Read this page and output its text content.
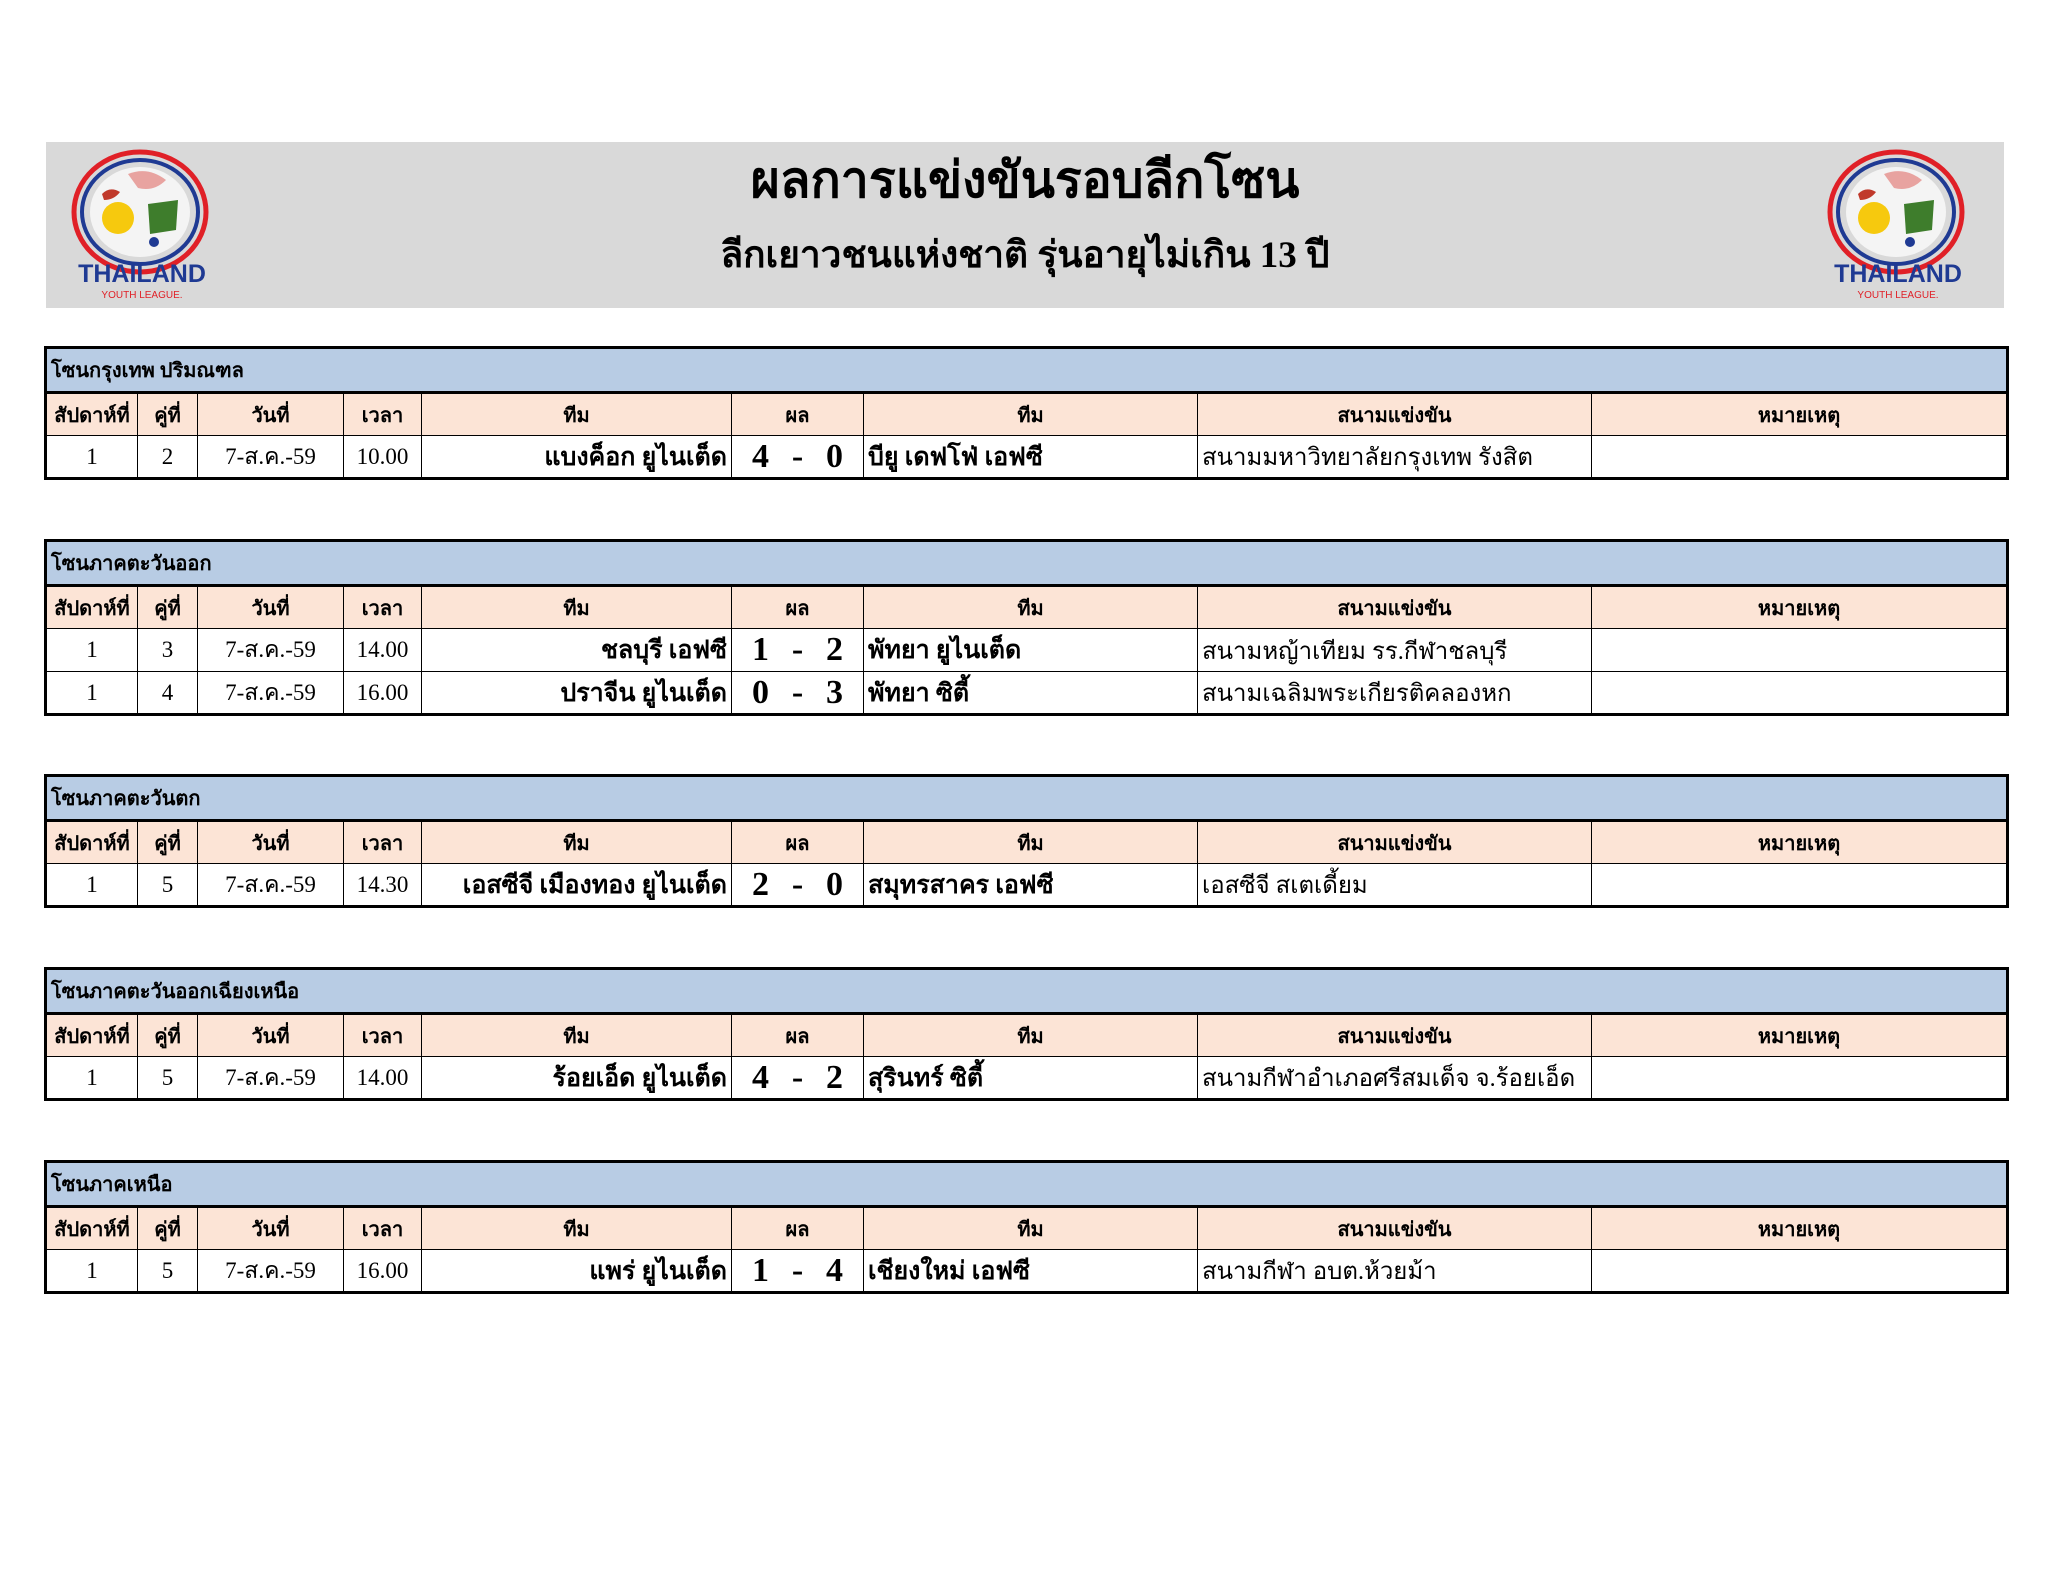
THAILAND
YOUTH LEAGUE.
ผลการแข่งขันรอบลีกโซน
ลีกเยาวชนแห่งชาติ รุ่นอายุไม่เกิน 13 ปี	THAILAND
YOUTH LEAGUE.
โซนกรุงเทพ ปริมณฑล								
สัปดาห์ที่	คู่ที่	วันที่	เวลา	ทีม	ผล	ทีม	สนามแข่งขัน	หมายเหตุ
1	2	7-ส.ค.-59	10.00	แบงค็อก ยูไนเต็ด	4 - 0	บียู เดฟโฟ่ เอฟซี	สนามมหาวิทยาลัยกรุงเทพ รังสิต	
โซนภาคตะวันออก								
สัปดาห์ที่	คู่ที่	วันที่	เวลา	ทีม	ผล	ทีม	สนามแข่งขัน	หมายเหตุ
1	3	7-ส.ค.-59	14.00	ชลบุรี เอฟซี	1 - 2	พัทยา ยูไนเต็ด	สนามหญ้าเทียม รร.กีฬาชลบุรี	
1	4	7-ส.ค.-59	16.00	ปราจีน ยูไนเต็ด	0 - 3	พัทยา ซิตี้	สนามเฉลิมพระเกียรติคลองหก	
โซนภาคตะวันตก								
สัปดาห์ที่	คู่ที่	วันที่	เวลา	ทีม	ผล	ทีม	สนามแข่งขัน	หมายเหตุ
1	5	7-ส.ค.-59	14.30	เอสซีจี เมืองทอง ยูไนเต็ด	2 - 0	สมุทรสาคร เอฟซี	เอสซีจี สเตเดี้ยม	
โซนภาคตะวันออกเฉียงเหนือ								
สัปดาห์ที่	คู่ที่	วันที่	เวลา	ทีม	ผล	ทีม	สนามแข่งขัน	หมายเหตุ
1	5	7-ส.ค.-59	14.00	ร้อยเอ็ด ยูไนเต็ด	4 - 2	สุรินทร์ ซิตี้	สนามกีฬาอำเภอศรีสมเด็จ จ.ร้อยเอ็ด	
โซนภาคเหนือ								
สัปดาห์ที่	คู่ที่	วันที่	เวลา	ทีม	ผล	ทีม	สนามแข่งขัน	หมายเหตุ
1	5	7-ส.ค.-59	16.00	แพร่ ยูไนเต็ด	1 - 4	เชียงใหม่ เอฟซี	สนามกีฬา อบต.ห้วยม้า	
